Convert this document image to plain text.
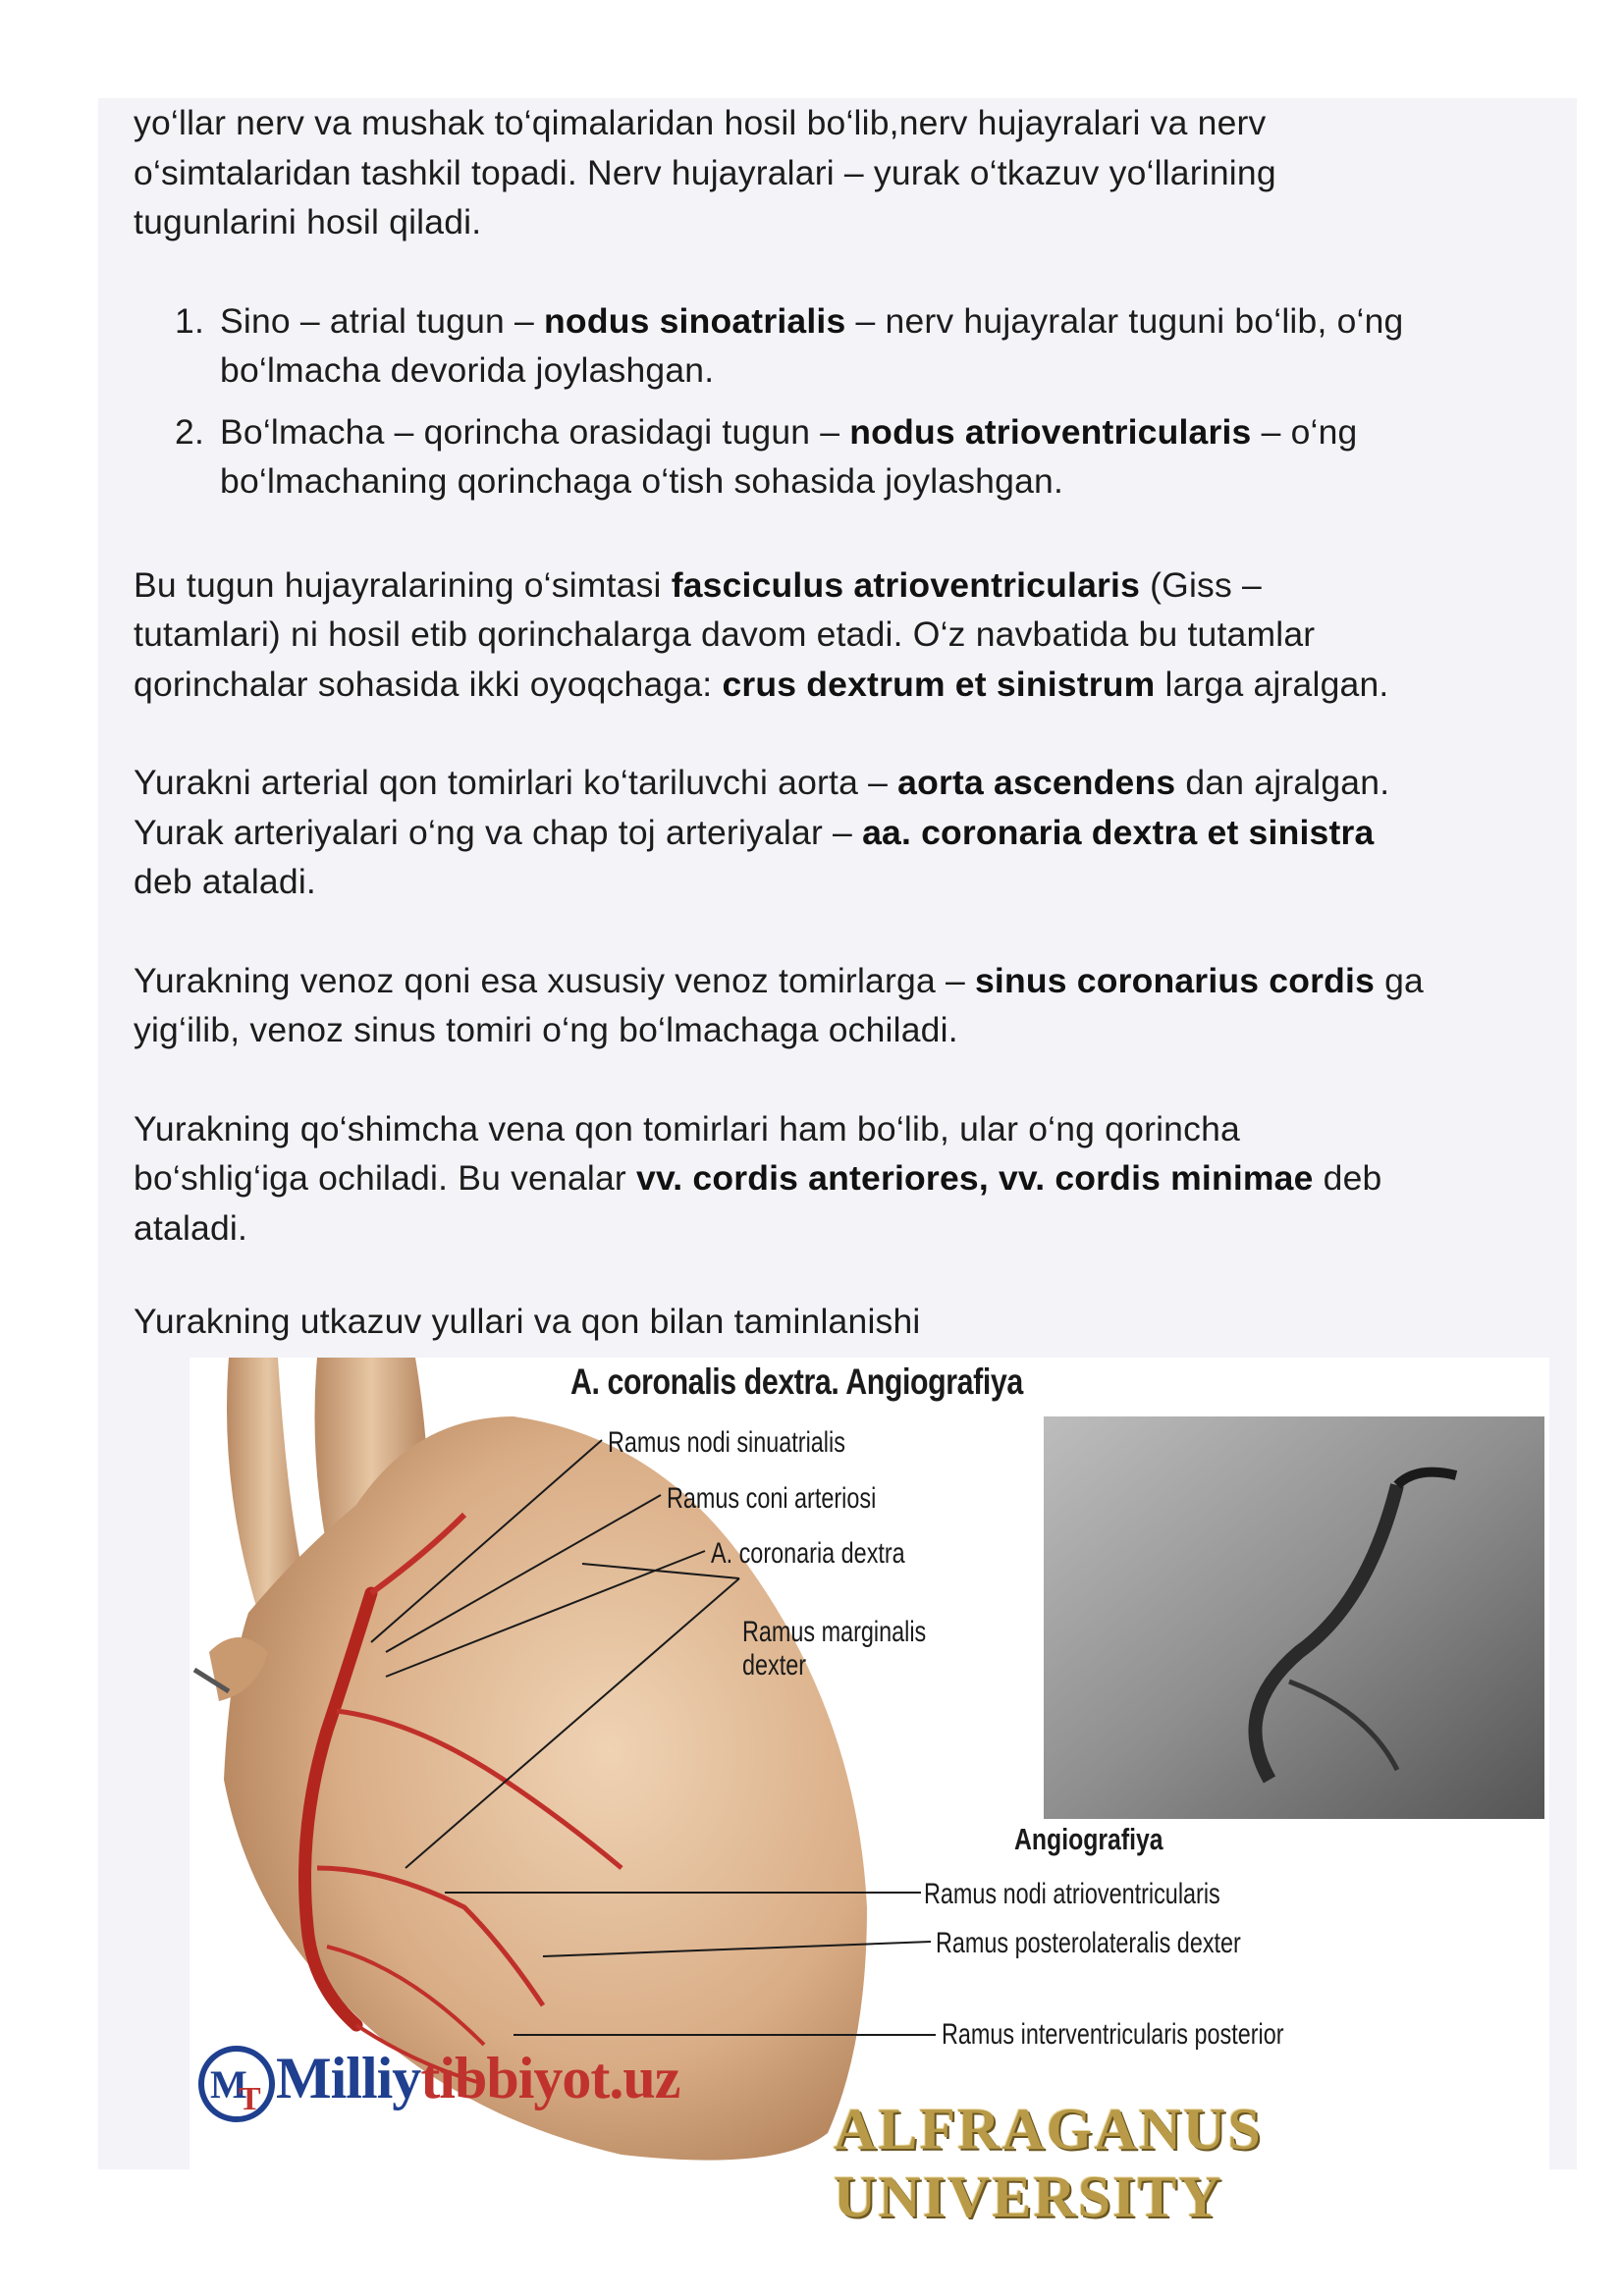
yo‘llar nerv va mushak to‘qimalaridan hosil bo‘lib,nerv hujayralari va nerv
o‘simtalaridan tashkil topadi. Nerv hujayralari – yurak o‘tkazuv yo‘llarining
tugunlarini hosil qiladi.

1. Sino – atrial tugun – nodus sinoatrialis – nerv hujayralar tuguni bo‘lib, o‘ng
bo‘lmacha devorida joylashgan.
2. Bo‘lmacha – qorincha orasidagi tugun – nodus atrioventricularis – o‘ng
bo‘lmachaning qorinchaga o‘tish sohasida joylashgan.

Bu tugun hujayralarining o‘simtasi fasciculus atrioventricularis (Giss –
tutamlari) ni hosil etib qorinchalarga davom etadi. O‘z navbatida bu tutamlar
qorinchalar sohasida ikki oyoqchaga: crus dextrum et sinistrum larga ajralgan.

Yurakni arterial qon tomirlari ko‘tariluvchi aorta – aorta ascendens dan ajralgan.
Yurak arteriyalari o‘ng va chap toj arteriyalar – aa. coronaria dextra et sinistra
deb ataladi.

Yurakning venoz qoni esa xususiy venoz tomirlarga – sinus coronarius cordis ga
yig‘ilib, venoz sinus tomiri o‘ng bo‘lmachaga ochiladi.

Yurakning qo‘shimcha vena qon tomirlari ham bo‘lib, ular o‘ng qorincha
bo‘shlig‘iga ochiladi. Bu venalar vv. cordis anteriores, vv. cordis minimae deb
ataladi.

Yurakning utkazuv yullari va qon bilan taminlanishi

A. coronalis dextra. Angiografiya
Ramus nodi sinuatrialis
Ramus coni arteriosi
A. coronaria dextra
Ramus marginalis
dexter
Angiografiya
Ramus nodi atrioventricularis
Ramus posterolateralis dexter
Ramus interventricularis posterior
M
T Milliytibbiyot.uz
ALFRAGANUS UNIVERSITY
